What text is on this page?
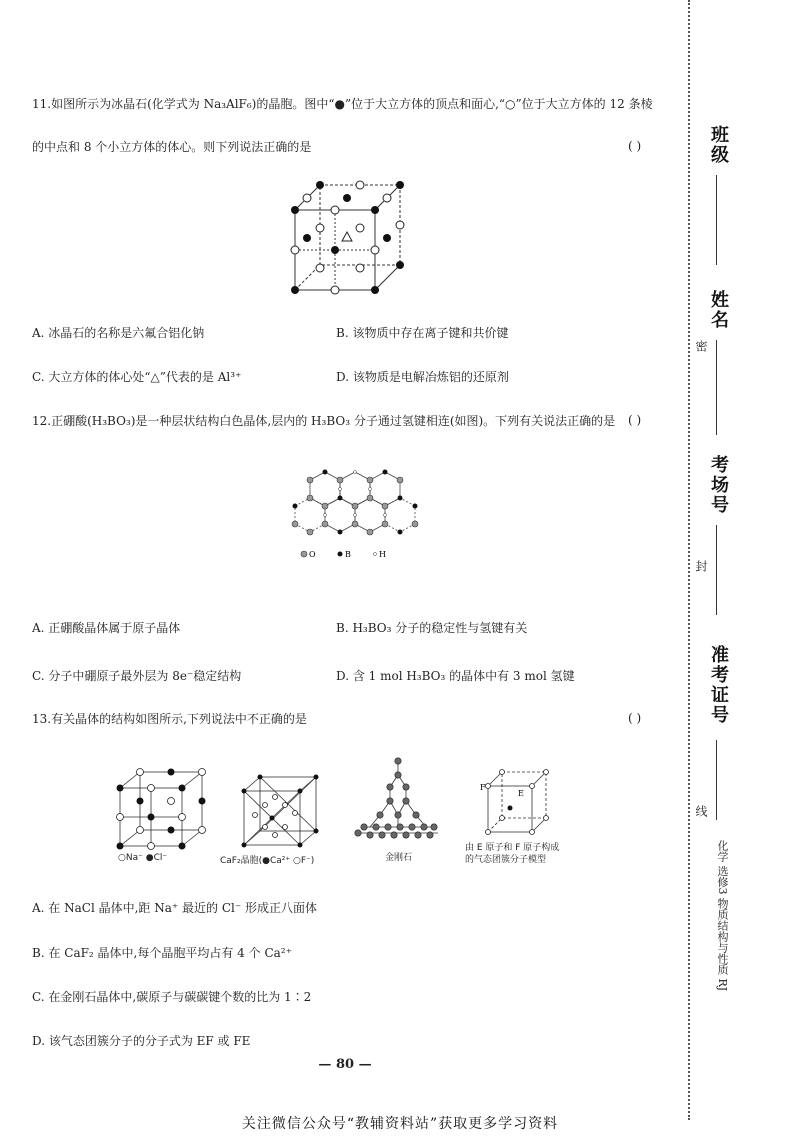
11.如图所示为冰晶石(化学式为 Na₃AlF₆)的晶胞。图中“●”位于大立方体的顶点和面心,“○”位于大立方体的 12 条棱
的中点和 8 个小立方体的体心。则下列说法正确的是	( )
A. 冰晶石的名称是六氟合铝化钠	B. 该物质中存在离子键和共价键
C. 大立方体的体心处“△”代表的是 Al³⁺	D. 该物质是电解冶炼铝的还原剂
12.正硼酸(H₃BO₃)是一种层状结构白色晶体,层内的 H₃BO₃ 分子通过氢键相连(如图)。下列有关说法正确的是 ( )
O	B	H
A. 正硼酸晶体属于原子晶体	B. H₃BO₃ 分子的稳定性与氢键有关
C. 分子中硼原子最外层为 8e⁻稳定结构	D. 含 1 mol H₃BO₃ 的晶体中有 3 mol 氢键
13.有关晶体的结构如图所示,下列说法中不正确的是	( )
○Na⁻ ●Cl⁻	CaF₂晶胞(●Ca²⁺ ○F⁻)	金刚石
F
E
由 E 原子和 F 原子构成
的气态团簇分子模型
A. 在 NaCl 晶体中,距 Na⁺ 最近的 Cl⁻ 形成正八面体
B. 在 CaF₂ 晶体中,每个晶胞平均占有 4 个 Ca²⁺
C. 在金刚石晶体中,碳原子与碳碳键个数的比为 1∶2
D. 该气态团簇分子的分子式为 EF 或 FE
— 80 —
关注微信公众号“教辅资料站”获取更多学习资料
班级
姓名
考场号
准考证号
密
封
线
化学 选修3 物质结构与性质 RJ
